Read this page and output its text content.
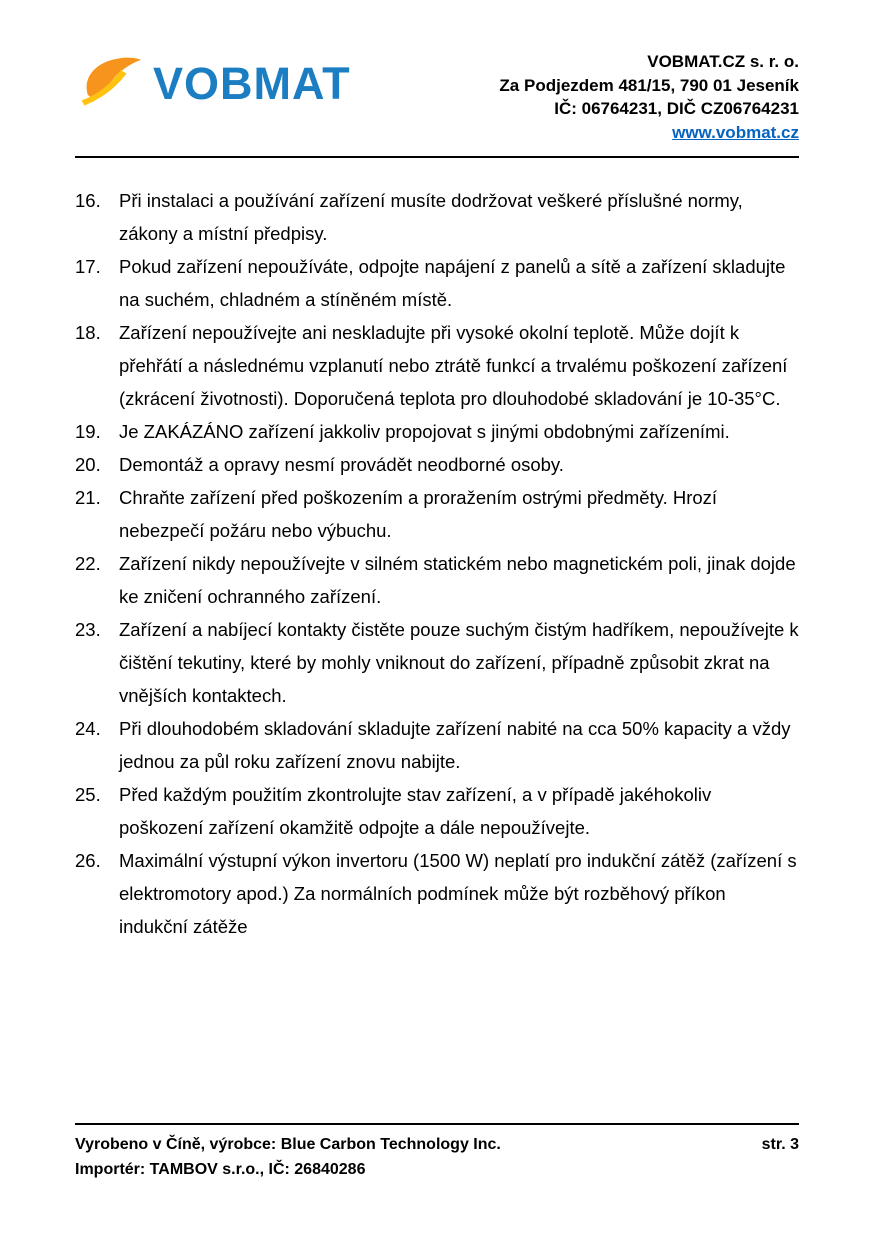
VOBMAT	VOBMAT.CZ s. r. o.
Za Podjezdem 481/15, 790 01 Jeseník
IČ: 06764231, DIČ CZ06764231
www.vobmat.cz
16. Při instalaci a používání zařízení musíte dodržovat veškeré příslušné normy, zákony a místní předpisy.
17. Pokud zařízení nepoužíváte, odpojte napájení z panelů a sítě a zařízení skladujte na suchém, chladném a stíněném místě.
18. Zařízení nepoužívejte ani neskladujte při vysoké okolní teplotě. Může dojít k přehřátí a následnému vzplanutí nebo ztrátě funkcí a trvalému poškození zařízení (zkrácení životnosti). Doporučená teplota pro dlouhodobé skladování je 10-35°C.
19. Je ZAKÁZÁNO zařízení jakkoliv propojovat s jinými obdobnými zařízeními.
20. Demontáž a opravy nesmí provádět neodborné osoby.
21. Chraňte zařízení před poškozením a proražením ostrými předměty. Hrozí nebezpečí požáru nebo výbuchu.
22. Zařízení nikdy nepoužívejte v silném statickém nebo magnetickém poli, jinak dojde ke zničení ochranného zařízení.
23. Zařízení a nabíjecí kontakty čistěte pouze suchým čistým hadříkem, nepoužívejte k čištění tekutiny, které by mohly vniknout do zařízení, případně způsobit zkrat na vnějších kontaktech.
24. Při dlouhodobém skladování skladujte zařízení nabité na cca 50% kapacity a vždy jednou za půl roku zařízení znovu nabijte.
25. Před každým použitím zkontrolujte stav zařízení, a v případě jakéhokoliv poškození zařízení okamžitě odpojte a dále nepoužívejte.
26. Maximální výstupní výkon invertoru (1500 W) neplatí pro indukční zátěž (zařízení s elektromotory apod.) Za normálních podmínek může být rozběhový příkon indukční zátěže
Vyrobeno v Číně, výrobce: Blue Carbon Technology Inc.	str. 3
Importér: TAMBOV s.r.o., IČ: 26840286
